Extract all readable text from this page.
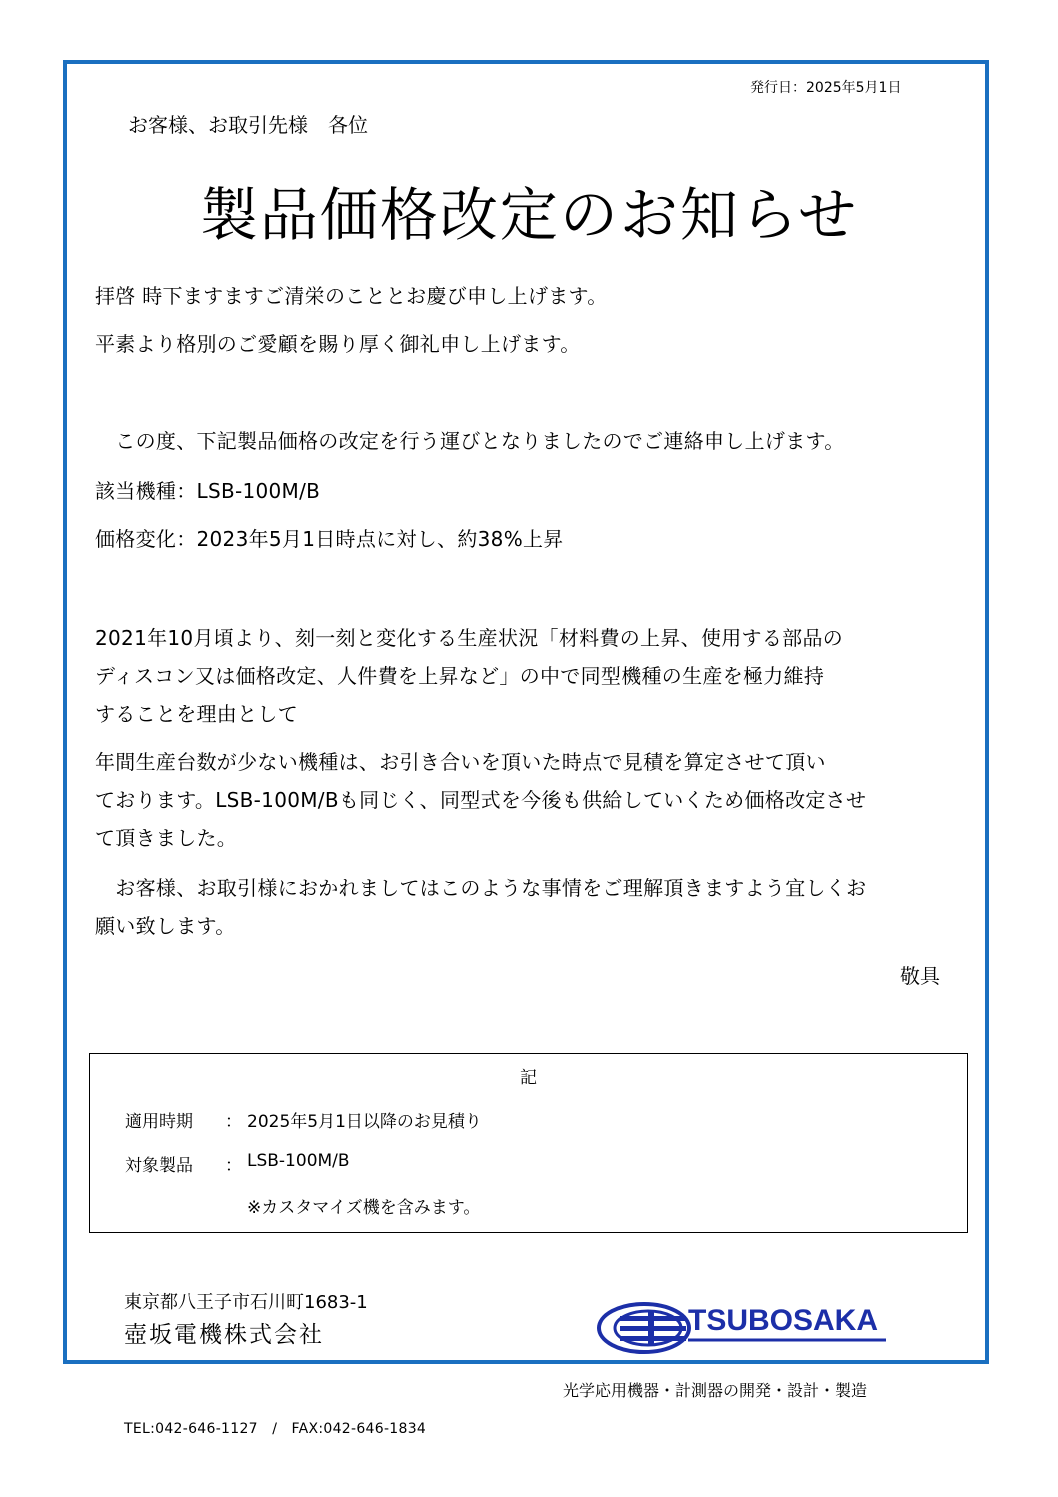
発行日：2025年5月1日
お客様、お取引先様　各位
製品価格改定のお知らせ
拝啓 時下ますますご清栄のこととお慶び申し上げます。
平素より格別のご愛顧を賜り厚く御礼申し上げます。
　この度、下記製品価格の改定を行う運びとなりましたのでご連絡申し上げます。
該当機種：LSB-100M/B
価格変化：2023年5月1日時点に対し、約38%上昇
2021年10月頃より、刻一刻と変化する生産状況「材料費の上昇、使用する部品の
ディスコン又は価格改定、人件費を上昇など」の中で同型機種の生産を極力維持
することを理由として
年間生産台数が少ない機種は、お引き合いを頂いた時点で見積を算定させて頂い
ております。LSB-100M/Bも同じく、同型式を今後も供給していくため価格改定させ
て頂きました。
　お客様、お取引様におかれましてはこのような事情をご理解頂きますよう宜しくお
願い致します。
敬具
記
適用時期 ： 2025年5月1日以降のお見積り
対象製品 ： LSB-100M/B
※カスタマイズ機を含みます。
東京都八王子市石川町1683-1
壺坂電機株式会社
TEL:042-646-1127　/　FAX:042-646-1834
TSUBOSAKA
光学応用機器・計測器の開発・設計・製造
